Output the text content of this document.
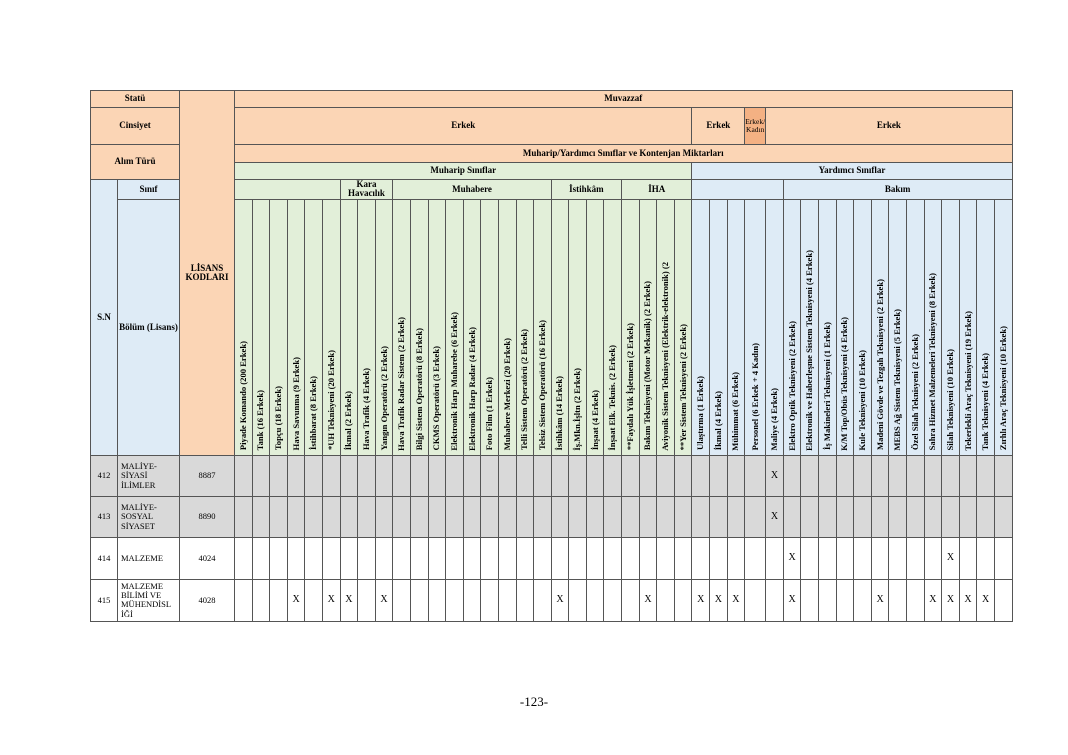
Statü		LİSANS KODLARI	Muvazzaf																																											
Cinsiyet			Erkek																										Erkek			Erkek/ Kadın	Erkek													
Alım Türü			Muharip/Yardımcı Sınıflar ve Kontenjan Miktarları																																											
			Muharip Sınıflar																										Yardımcı Sınıflar																	
S.N	Sınıf								Kara Havacılık			Muhabere									İstihkâm				İHA									Bakım												
	Bölüm (Lisans)		Piyade Komando (200 Erkek)	Tank (16 Erkek)	Topçu (18 Erkek)	Hava Savunma (9 Erkek)	İstihbarat (8 Erkek)	*UH Teknisyeni (20 Erkek)	İkmal (2 Erkek)	Hava Trafik (4 Erkek)	Yangın Operatörü (2 Erkek)	Hava Trafik Radar Sistem (2 Erkek)	Bilgi Sistem Operatörü (8 Erkek)	CKMS Operatörü (3 Erkek)	Elektronik Harp Muharebe (6 Erkek)	Elektronik Harp Radar (4 Erkek)	Foto Film (1 Erkek)	Muhabere Merkezi (20 Erkek)	Telli Sistem Operatörü (2 Erkek)	Telsiz Sistem Operatörü (16 Erkek)	İstihkâm (14 Erkek)	İş.Mkn.İşltn (2 Erkek)	İnşaat (4 Erkek)	İnşaat Elk. Teknis. (2 Erkek)	**Faydalı Yük İşletmeni (2 Erkek)	Bakım Teknisyeni (Motor Mekanik) (2 Erkek)	Aviyonik Sistem Teknisyeni (Elektrik-elektronik) (2	**Yer Sistem Teknisyeni (2 Erkek)	Ulaştırma (1 Erkek)	İkmal (4 Erkek)	Mühimmat (6 Erkek)	Personel (6 Erkek + 4 Kadın)	Maliye (4 Erkek)	Elektro Optik Teknisyeni (2 Erkek)	Elektronik ve Haberleşme Sistem Teknisyeni (4 Erkek)	İş Makineleri Teknisyeni (1 Erkek)	K/M Top/Obüs Teknisyeni (4 Erkek)	Kule Teknisyeni (10 Erkek)	Madeni Gövde ve Tezgah Teknisyeni (2 Erkek)	MEBS Ağ Sistem Teknisyeni (5 Erkek)	Özel Silah Teknisyeni (2 Erkek)	Sahra Hizmet Malzemeleri Teknisyeni (8 Erkek)	Silah Teknisyeni (10 Erkek)	Tekerlekli Araç Teknisyeni (19 Erkek)	Tank Teknisyeni (4 Erkek)	Zırhlı Araç Teknisyeni (10 Erkek)
412	MALİYE-
SİYASİ
İLİMLER	8887																															X													
413	MALİYE-
SOSYAL
SİYASET	8890																															X													
414	MALZEME	4024																																X									X			
415	MALZEME
BİLİMİ VE
MÜHENDİSL
İĞİ	4028				X		X	X		X										X					X			X	X	X			X					X			X	X	X	X	
-123-
